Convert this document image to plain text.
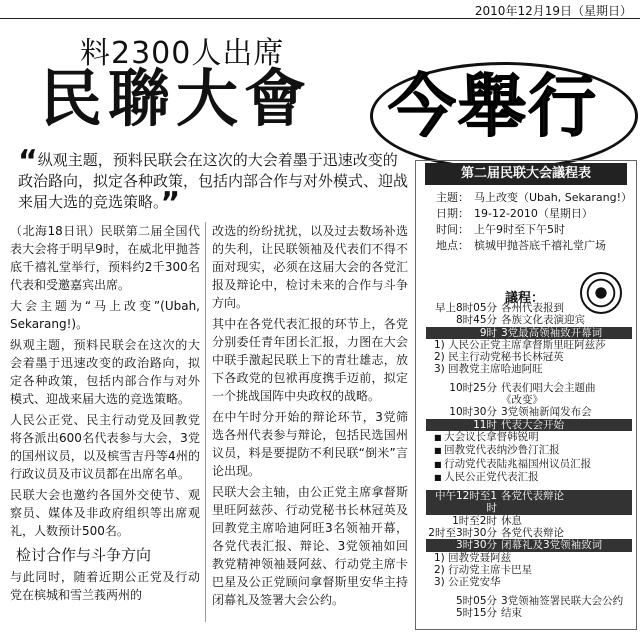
2010年12月19日（星期日）
料2300人出席
民聯大會 今舉行
“纵观主题，预料民联会在这次的大会着墨于迅速改变的政治路向，拟定各种政策，包括内部合作与对外模式、迎战来届大选的竞选策略。”

（北海18日讯）民联第二届全国代表大会将于明早9时，在威北甲抛荅底千禧礼堂举行，预料约2千300名代表和受邀嘉宾出席。

大会主题为“马上改变”(Ubah, Sekarang!)。

纵观主题，预料民联会在这次的大会着墨于迅速改变的政治路向，拟定各种政策，包括内部合作与对外模式、迎战来届大选的竞选策略。

人民公正党、民主行动党及回教党将各派出600名代表参与大会，3党的国州议员，以及槟雪吉丹等4州的行政议员及市议员都在出席名单。

民联大会也邀约各国外交使节、观察员、媒体及非政府组织等出席观礼，人数预计500名。

检讨合作与斗争方向

与此同时，随着近期公正党及行动党在槟城和雪兰莪两州的

改选的纷纷扰扰，以及过去数场补选的失利，让民联领袖及代表们不得不面对现实，必须在这届大会的各党汇报及辩论中，检讨未来的合作与斗争方向。

其中在各党代表汇报的环节上，各党分别委任青年团长汇报，力图在大会中联手激起民联上下的青壮雄志，放下各政党的包袱再度携手迈前，拟定一个挑战国阵中央政权的战略。

在中午时分开始的辩论环节，3党筛选各州代表参与辩论，包括民选国州议员，料是要提防不利民联“倒米”言论出现。

民联大会主轴，由公正党主席拿督斯里旺阿兹莎、行动党秘书长林冠英及回教党主席哈迪阿旺3名领袖开幕，各党代表汇报、辩论、3党领袖如回教党精神领袖聂阿兹、行动党主席卡巴星及公正党顾问拿督斯里安华主持闭幕礼及签署大会公约。

第二届民联大会議程表
主题： 马上改变（Ubah, Sekarang!）
日期： 19-12-2010（星期日）
时间： 上午9时至下午5时
地点： 槟城甲抛荅底千禧礼堂广场
議程：
早上8时05分 各州代表报到
8时45分 各族文化表演迎宾
9时 3党最高领袖致开幕词
1) 人民公正党主席拿督斯里旺阿兹莎
2) 民主行动党秘书长林冠英
3) 回教党主席哈迪阿旺
10时25分 代表们唱大会主题曲
《改变》
10时30分 3党领袖新闻发布会
11时 代表大会开始
■ 大会议长拿督韩锐明
■ 回教党代表纳沙鲁汀汇报
■ 行动党代表陆兆福国州议员汇报
■ 人民公正党代表汇报
中午12时至1时
各党代表辩论
1时至2时 休息
2时至3时30分 各党代表辩论
3时30分 闭幕礼及3党领袖致词
1) 回教党聂阿兹
2) 行动党主席卡巴星
3) 公正党安华
5时05分 3党领袖签署民联大会公约
5时15分 结束
